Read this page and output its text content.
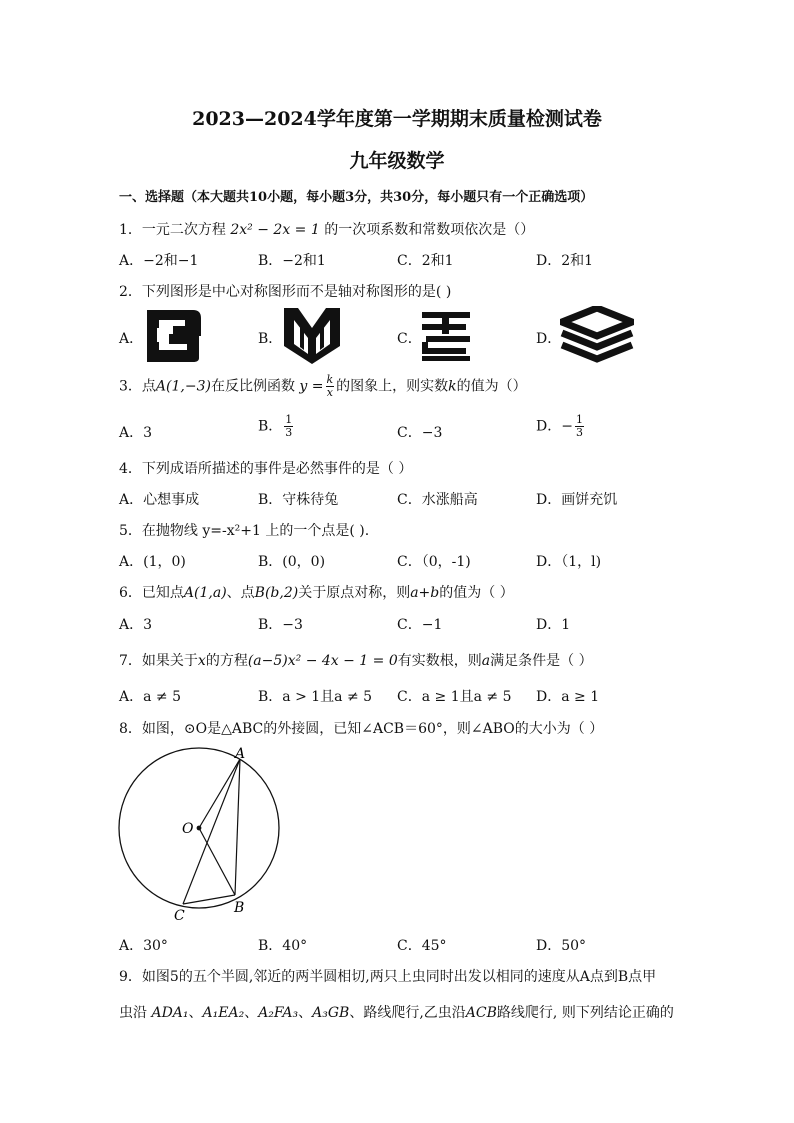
2023—2024学年度第一学期期末质量检测试卷
九年级数学
一、选择题（本大题共10小题，每小题3分，共30分，每小题只有一个正确选项）
1．一元二次方程 2x² − 2x = 1 的一次项系数和常数项依次是（）
A．−2和−1	B．−2和1	C．2和1	D．2和1
2．下列图形是中心对称图形而不是轴对称图形的是( )
A．	B．	C．	D．
3．点A(1,−3)在反比例函数 $y = \frac{k}{x}$ 的图象上，则实数k的值为（）
A．3	B． $\frac{1}{3}$	C．−3	D．− $\frac{1}{3}$
4．下列成语所描述的事件是必然事件的是（ ）
A．心想事成	B．守株待兔	C．水涨船高	D．画饼充饥
5．在抛物线 y=-x²+1 上的一个点是( ).
A．(1，0)	B．(0，0)	C．（0，-1)	D．（1，l)
6．已知点A(1,a)、点B(b,2)关于原点对称，则a+b的值为（ ）
A．3	B．−3	C．−1	D．1
7．如果关于x的方程(a−5)x² − 4x − 1 = 0有实数根，则a满足条件是（ ）
A．a ≠ 5	B．a > 1且a ≠ 5 C．a ≥ 1且a ≠ 5 D．a ≥ 1
8．如图，⊙O是△ABC的外接圆，已知∠ACB＝60°，则∠ABO的大小为（ ）
A
O
B
C
A．30°	B．40°	C．45°	D．50°
9．如图5的五个半圆,邻近的两半圆相切,两只上虫同时出发以相同的速度从A点到B点甲
虫沿 ADA₁、A₁EA₂、A₂FA₃、A₃GB、路线爬行,乙虫沿ACB路线爬行, 则下列结论正确的
